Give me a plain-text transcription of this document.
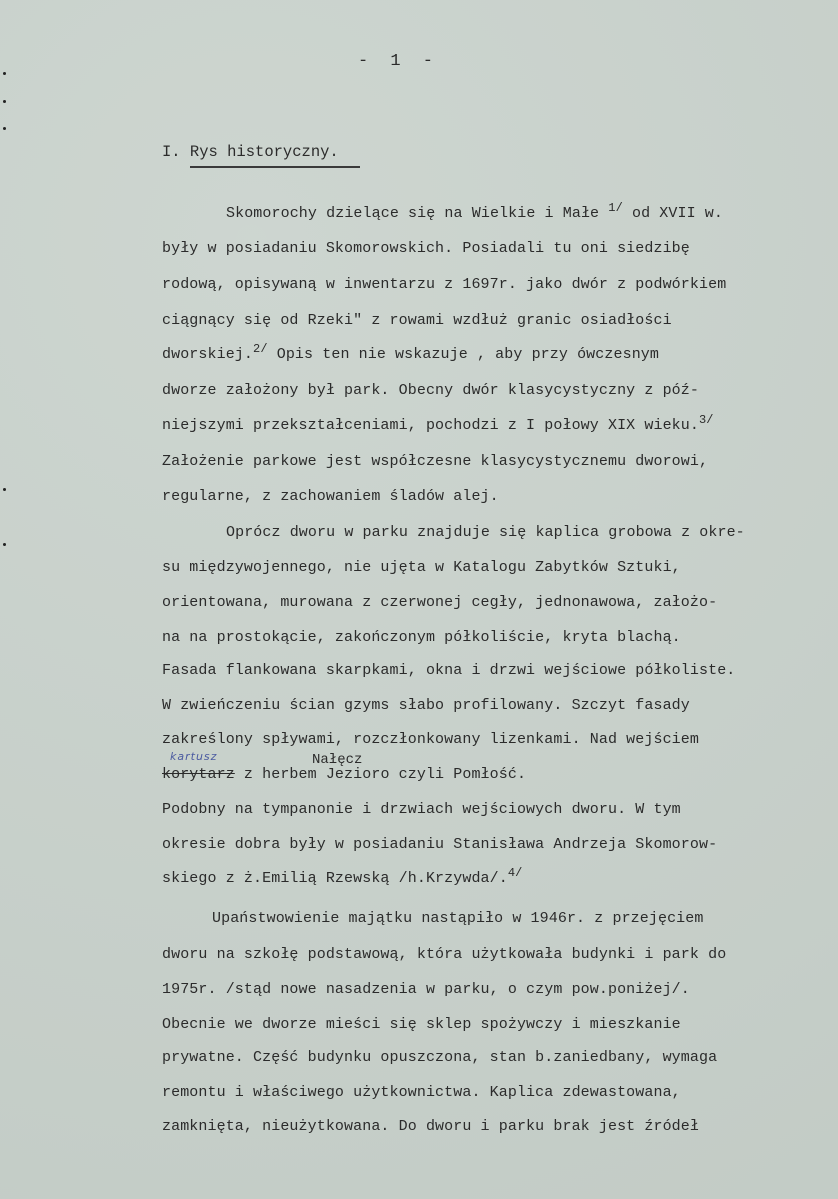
- 1 -
I. Rys historyczny.
Skomorochy dzielące się na Wielkie i Małe $^{1/}$ od XVII w.
były w posiadaniu Skomorowskich. Posiadali tu oni siedzibę
rodową, opisywaną w inwentarzu z 1697r. jako dwór z podwórkiem
ciągnący się od Rzeki" z rowami wzdłuż granic osiadłości
dworskiej.$^{2/}$ Opis ten nie wskazuje , aby przy ówczesnym
dworze założony był park. Obecny dwór klasycystyczny z póź-
niejszymi przekształceniami, pochodzi z I połowy XIX wieku.$^{3/}$
Założenie parkowe jest współczesne klasycystycznemu dworowi,
regularne, z zachowaniem śladów alej.
Oprócz dworu w parku znajduje się kaplica grobowa z okre-
su międzywojennego, nie ujęta w Katalogu Zabytków Sztuki,
orientowana, murowana z czerwonej cegły, jednonawowa, założo-
na na prostokącie, zakończonym półkoliście, kryta blachą.
Fasada flankowana skarpkami, okna i drzwi wejściowe półkoliste.
W zwieńczeniu ścian gzyms słabo profilowany. Szczyt fasady
zakreślony spływami, rozczłonkowany lizenkami. Nad wejściem
kartusz	Nałęcz
korytarz z herbem Jezioro czyli Pomłość.
Podobny na tympanonie i drzwiach wejściowych dworu. W tym
okresie dobra były w posiadaniu Stanisława Andrzeja Skomorow-
skiego z ż.Emilią Rzewską /h.Krzywda/.$^{4/}$
Upaństwowienie majątku nastąpiło w 1946r. z przejęciem
dworu na szkołę podstawową, która użytkowała budynki i park do
1975r. /stąd nowe nasadzenia w parku, o czym pow.poniżej/.
Obecnie we dworze mieści się sklep spożywczy i mieszkanie
prywatne. Część budynku opuszczona, stan b.zaniedbany, wymaga
remontu i właściwego użytkownictwa. Kaplica zdewastowana,
zamknięta, nieużytkowana. Do dworu i parku brak jest źródeł
